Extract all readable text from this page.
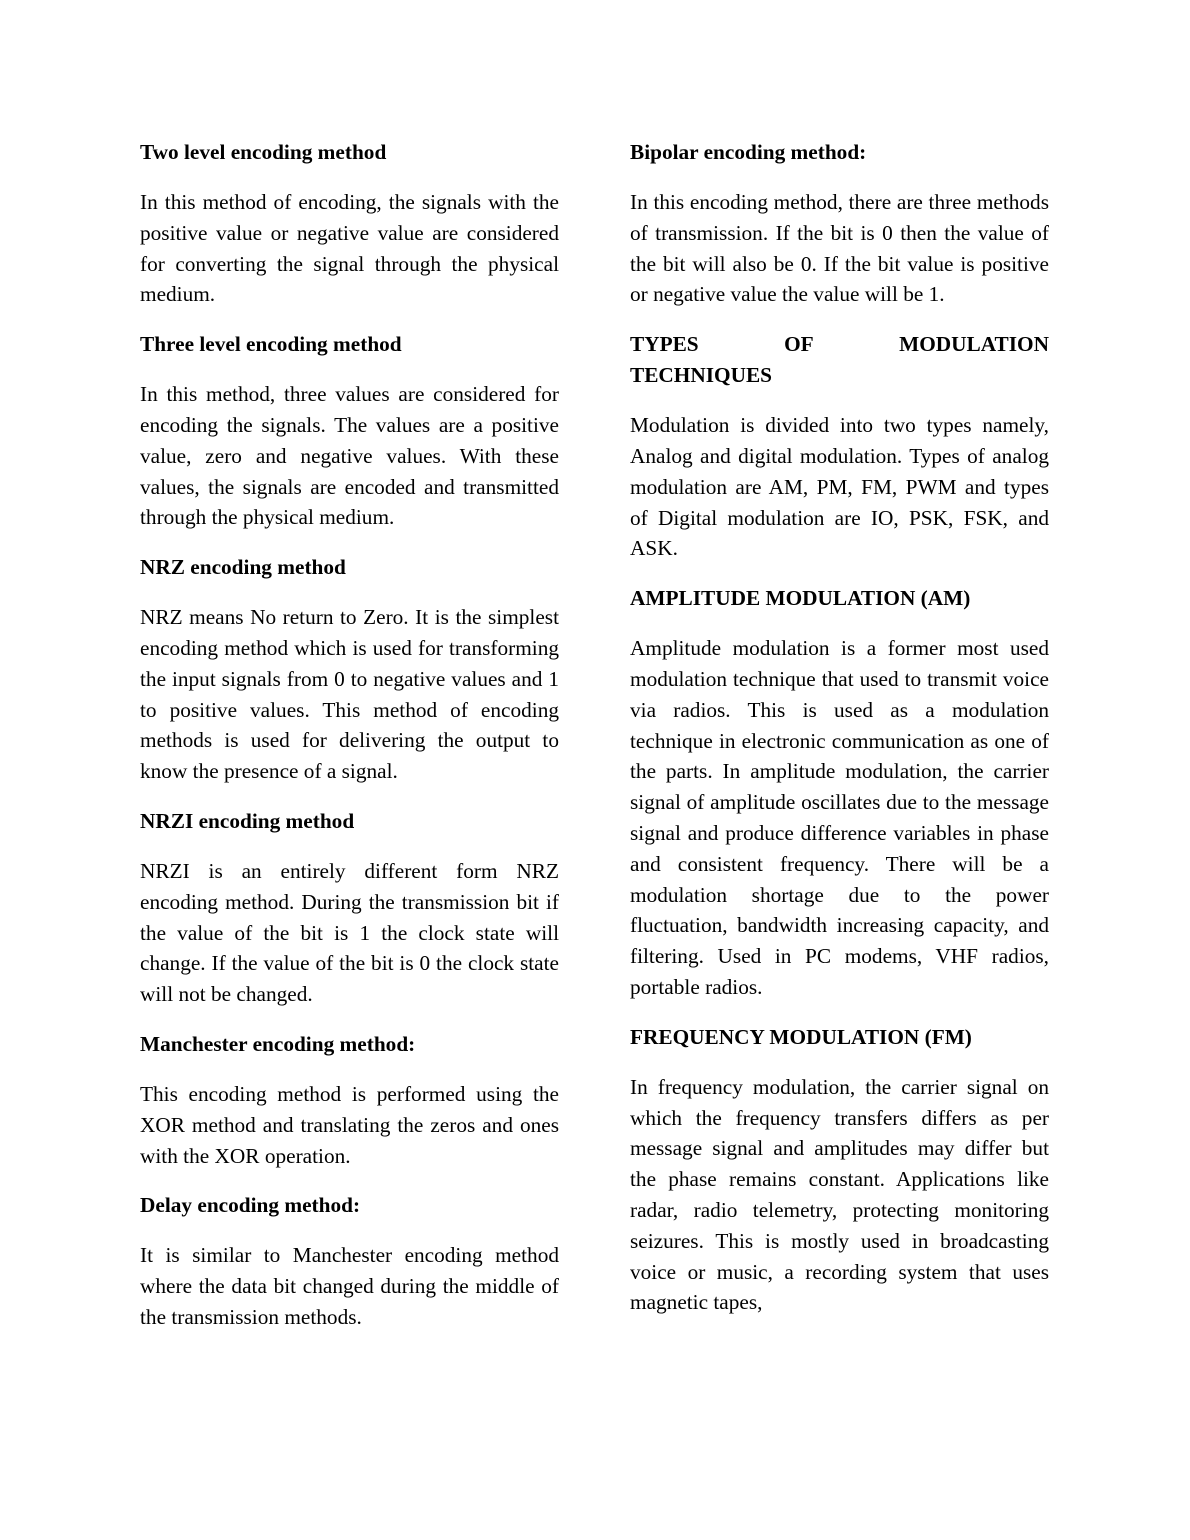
Two level encoding method

In this method of encoding, the signals with the positive value or negative value are considered for converting the signal through the physical medium.

Three level encoding method

In this method, three values are considered for encoding the signals. The values are a positive value, zero and negative values. With these values, the signals are encoded and transmitted through the physical medium.

NRZ encoding method

NRZ means No return to Zero. It is the simplest encoding method which is used for transforming the input signals from 0 to negative values and 1 to positive values. This method of encoding methods is used for delivering the output to know the presence of a signal.

NRZI encoding method

NRZI is an entirely different form NRZ encoding method. During the transmission bit if the value of the bit is 1 the clock state will change. If the value of the bit is 0 the clock state will not be changed.

Manchester encoding method:

This encoding method is performed using the XOR method and translating the zeros and ones with the XOR operation.

Delay encoding method:

It is similar to Manchester encoding method where the data bit changed during the middle of the transmission methods.

Bipolar encoding method:

In this encoding method, there are three methods of transmission. If the bit is 0 then the value of the bit will also be 0. If the bit value is positive or negative value the value will be 1.

TYPES	OF	MODULATION
TECHNIQUES

Modulation is divided into two types namely, Analog and digital modulation. Types of analog modulation are AM, PM, FM, PWM and types of Digital modulation are IO, PSK, FSK, and ASK.

AMPLITUDE MODULATION (AM)

Amplitude modulation is a former most used modulation technique that used to transmit voice via radios. This is used as a modulation technique in electronic communication as one of the parts. In amplitude modulation, the carrier signal of amplitude oscillates due to the message signal and produce difference variables in phase and consistent frequency. There will be a modulation shortage due to the power fluctuation, bandwidth increasing capacity, and filtering. Used in PC modems, VHF radios, portable radios.

FREQUENCY MODULATION (FM)

In frequency modulation, the carrier signal on which the frequency transfers differs as per message signal and amplitudes may differ but the phase remains constant. Applications like radar, radio telemetry, protecting monitoring seizures. This is mostly used in broadcasting voice or music, a recording system that uses magnetic tapes,
